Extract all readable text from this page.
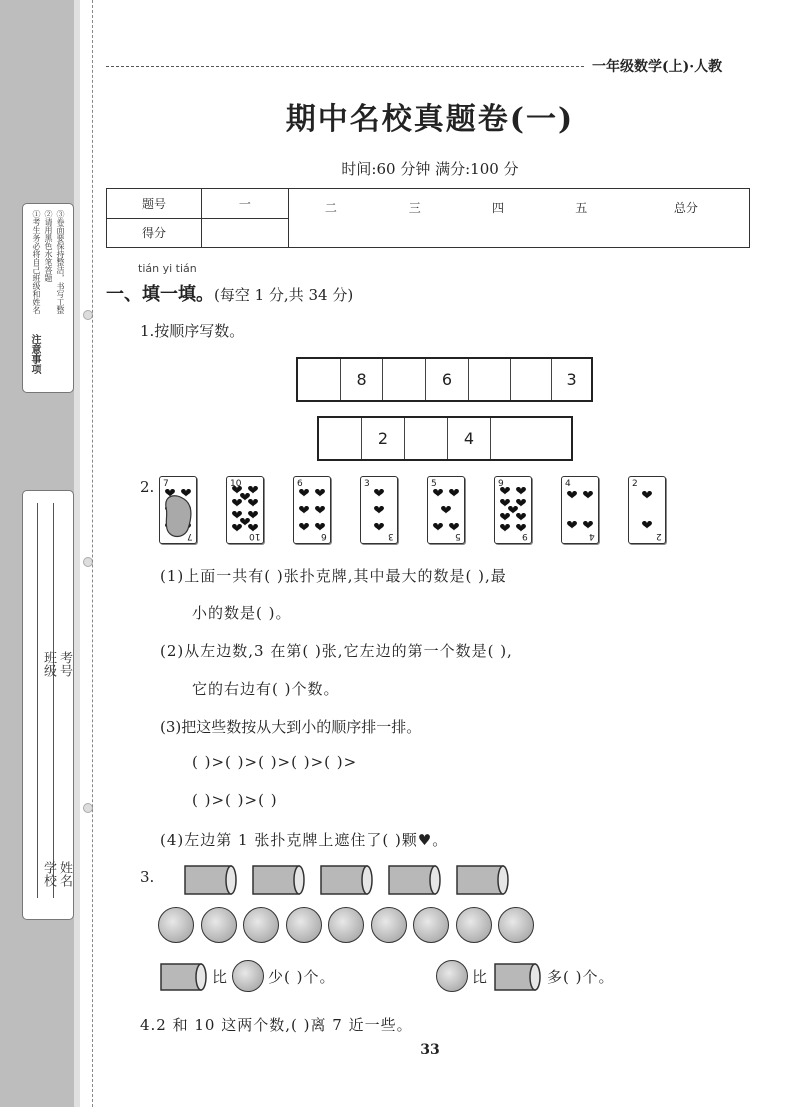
注意事项
①考生务必将自己班级和姓名 ②请用黑色水笔答题 ③卷面要保持整洁，书写工整
班级 考号
学校 姓名
一年级数学(上)·人教
期中名校真题卷(一)
时间:60 分钟 满分:100 分
题号	一	二	三	四	五	总分
得分						
tián yi tián
一、填一填。(每空 1 分,共 34 分)
1.按顺序写数。
8	6	3
2	4
2. 7
7
10
10
6
6
3
3
5
5
9
9
4
4
2
2
(1)上面一共有( )张扑克牌,其中最大的数是( ),最
小的数是( )。
(2)从左边数,3 在第( )张,它左边的第一个数是( ),
它的右边有( )个数。
(3)把这些数按从大到小的顺序排一排。
( )>( )>( )>( )>( )>
( )>( )>( )
(4)左边第 1 张扑克牌上遮住了( )颗♥。
3.
比	少( )个。	比	多( )个。
4.2 和 10 这两个数,( )离 7 近一些。
33
